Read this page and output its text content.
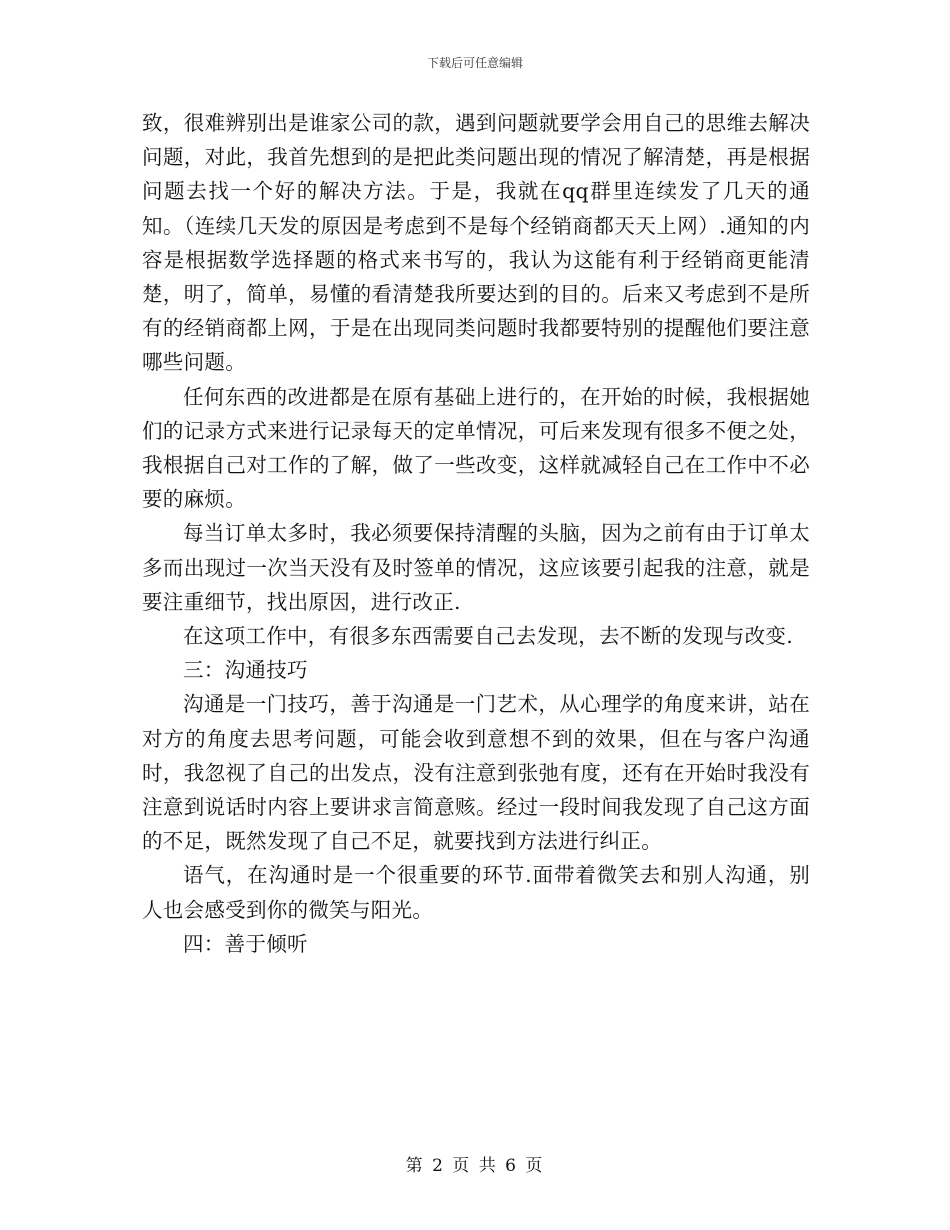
下载后可任意编辑

致，很难辨别出是谁家公司的款，遇到问题就要学会用自己的思维去解决问题，对此，我首先想到的是把此类问题出现的情况了解清楚，再是根据问题去找一个好的解决方法。于是，我就在qq群里连续发了几天的通知。（连续几天发的原因是考虑到不是每个经销商都天天上网）.通知的内容是根据数学选择题的格式来书写的，我认为这能有利于经销商更能清楚，明了，简单，易懂的看清楚我所要达到的目的。后来又考虑到不是所有的经销商都上网，于是在出现同类问题时我都要特别的提醒他们要注意哪些问题。

任何东西的改进都是在原有基础上进行的，在开始的时候，我根据她们的记录方式来进行记录每天的定单情况，可后来发现有很多不便之处，我根据自己对工作的了解，做了一些改变，这样就减轻自己在工作中不必要的麻烦。

每当订单太多时，我必须要保持清醒的头脑，因为之前有由于订单太多而出现过一次当天没有及时签单的情况，这应该要引起我的注意，就是要注重细节，找出原因，进行改正.

在这项工作中，有很多东西需要自己去发现，去不断的发现与改变.

三：沟通技巧

沟通是一门技巧，善于沟通是一门艺术，从心理学的角度来讲，站在对方的角度去思考问题，可能会收到意想不到的效果，但在与客户沟通时，我忽视了自己的出发点，没有注意到张弛有度，还有在开始时我没有注意到说话时内容上要讲求言简意赅。经过一段时间我发现了自己这方面的不足，既然发现了自己不足，就要找到方法进行纠正。

语气，在沟通时是一个很重要的环节.面带着微笑去和别人沟通，别人也会感受到你的微笑与阳光。

四：善于倾听

第 2 页 共 6 页
